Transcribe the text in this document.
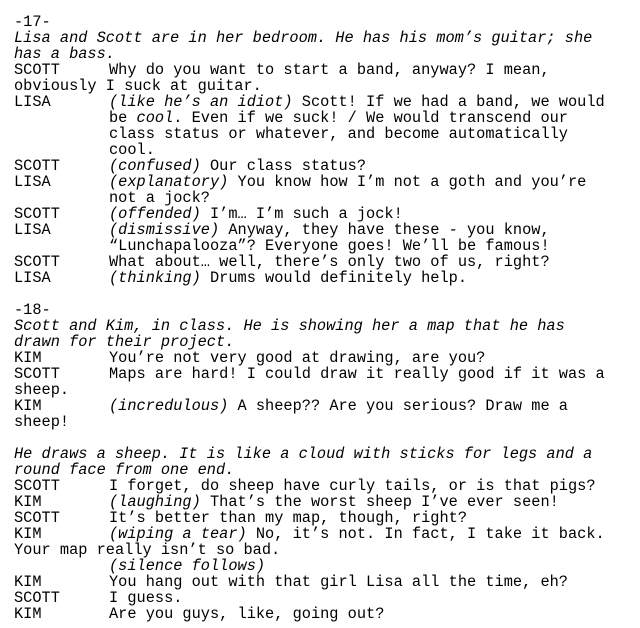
-17-
Lisa and Scott are in her bedroom. He has his mom’s guitar; she
has a bass.
SCOTT	Why do you want to start a band, anyway? I mean,
obviously I suck at guitar.
LISA	(like he’s an idiot) Scott! If we had a band, we would
be cool. Even if we suck! / We would transcend our
class status or whatever, and become automatically
cool.
SCOTT	(confused) Our class status?
LISA	(explanatory) You know how I’m not a goth and you’re
not a jock?
SCOTT	(offended) I’m… I’m such a jock!
LISA	(dismissive) Anyway, they have these - you know,
“Lunchapalooza”? Everyone goes! We’ll be famous!
SCOTT	What about… well, there’s only two of us, right?
LISA	(thinking) Drums would definitely help.
-18-
Scott and Kim, in class. He is showing her a map that he has
drawn for their project.
KIM	You’re not very good at drawing, are you?
SCOTT	Maps are hard! I could draw it really good if it was a
sheep.
KIM	(incredulous) A sheep?? Are you serious? Draw me a
sheep!
He draws a sheep. It is like a cloud with sticks for legs and a
round face from one end.
SCOTT	I forget, do sheep have curly tails, or is that pigs?
KIM	(laughing) That’s the worst sheep I’ve ever seen!
SCOTT	It’s better than my map, though, right?
KIM	(wiping a tear) No, it’s not. In fact, I take it back.
Your map really isn’t so bad.
(silence follows)
KIM	You hang out with that girl Lisa all the time, eh?
SCOTT	I guess.
KIM	Are you guys, like, going out?
